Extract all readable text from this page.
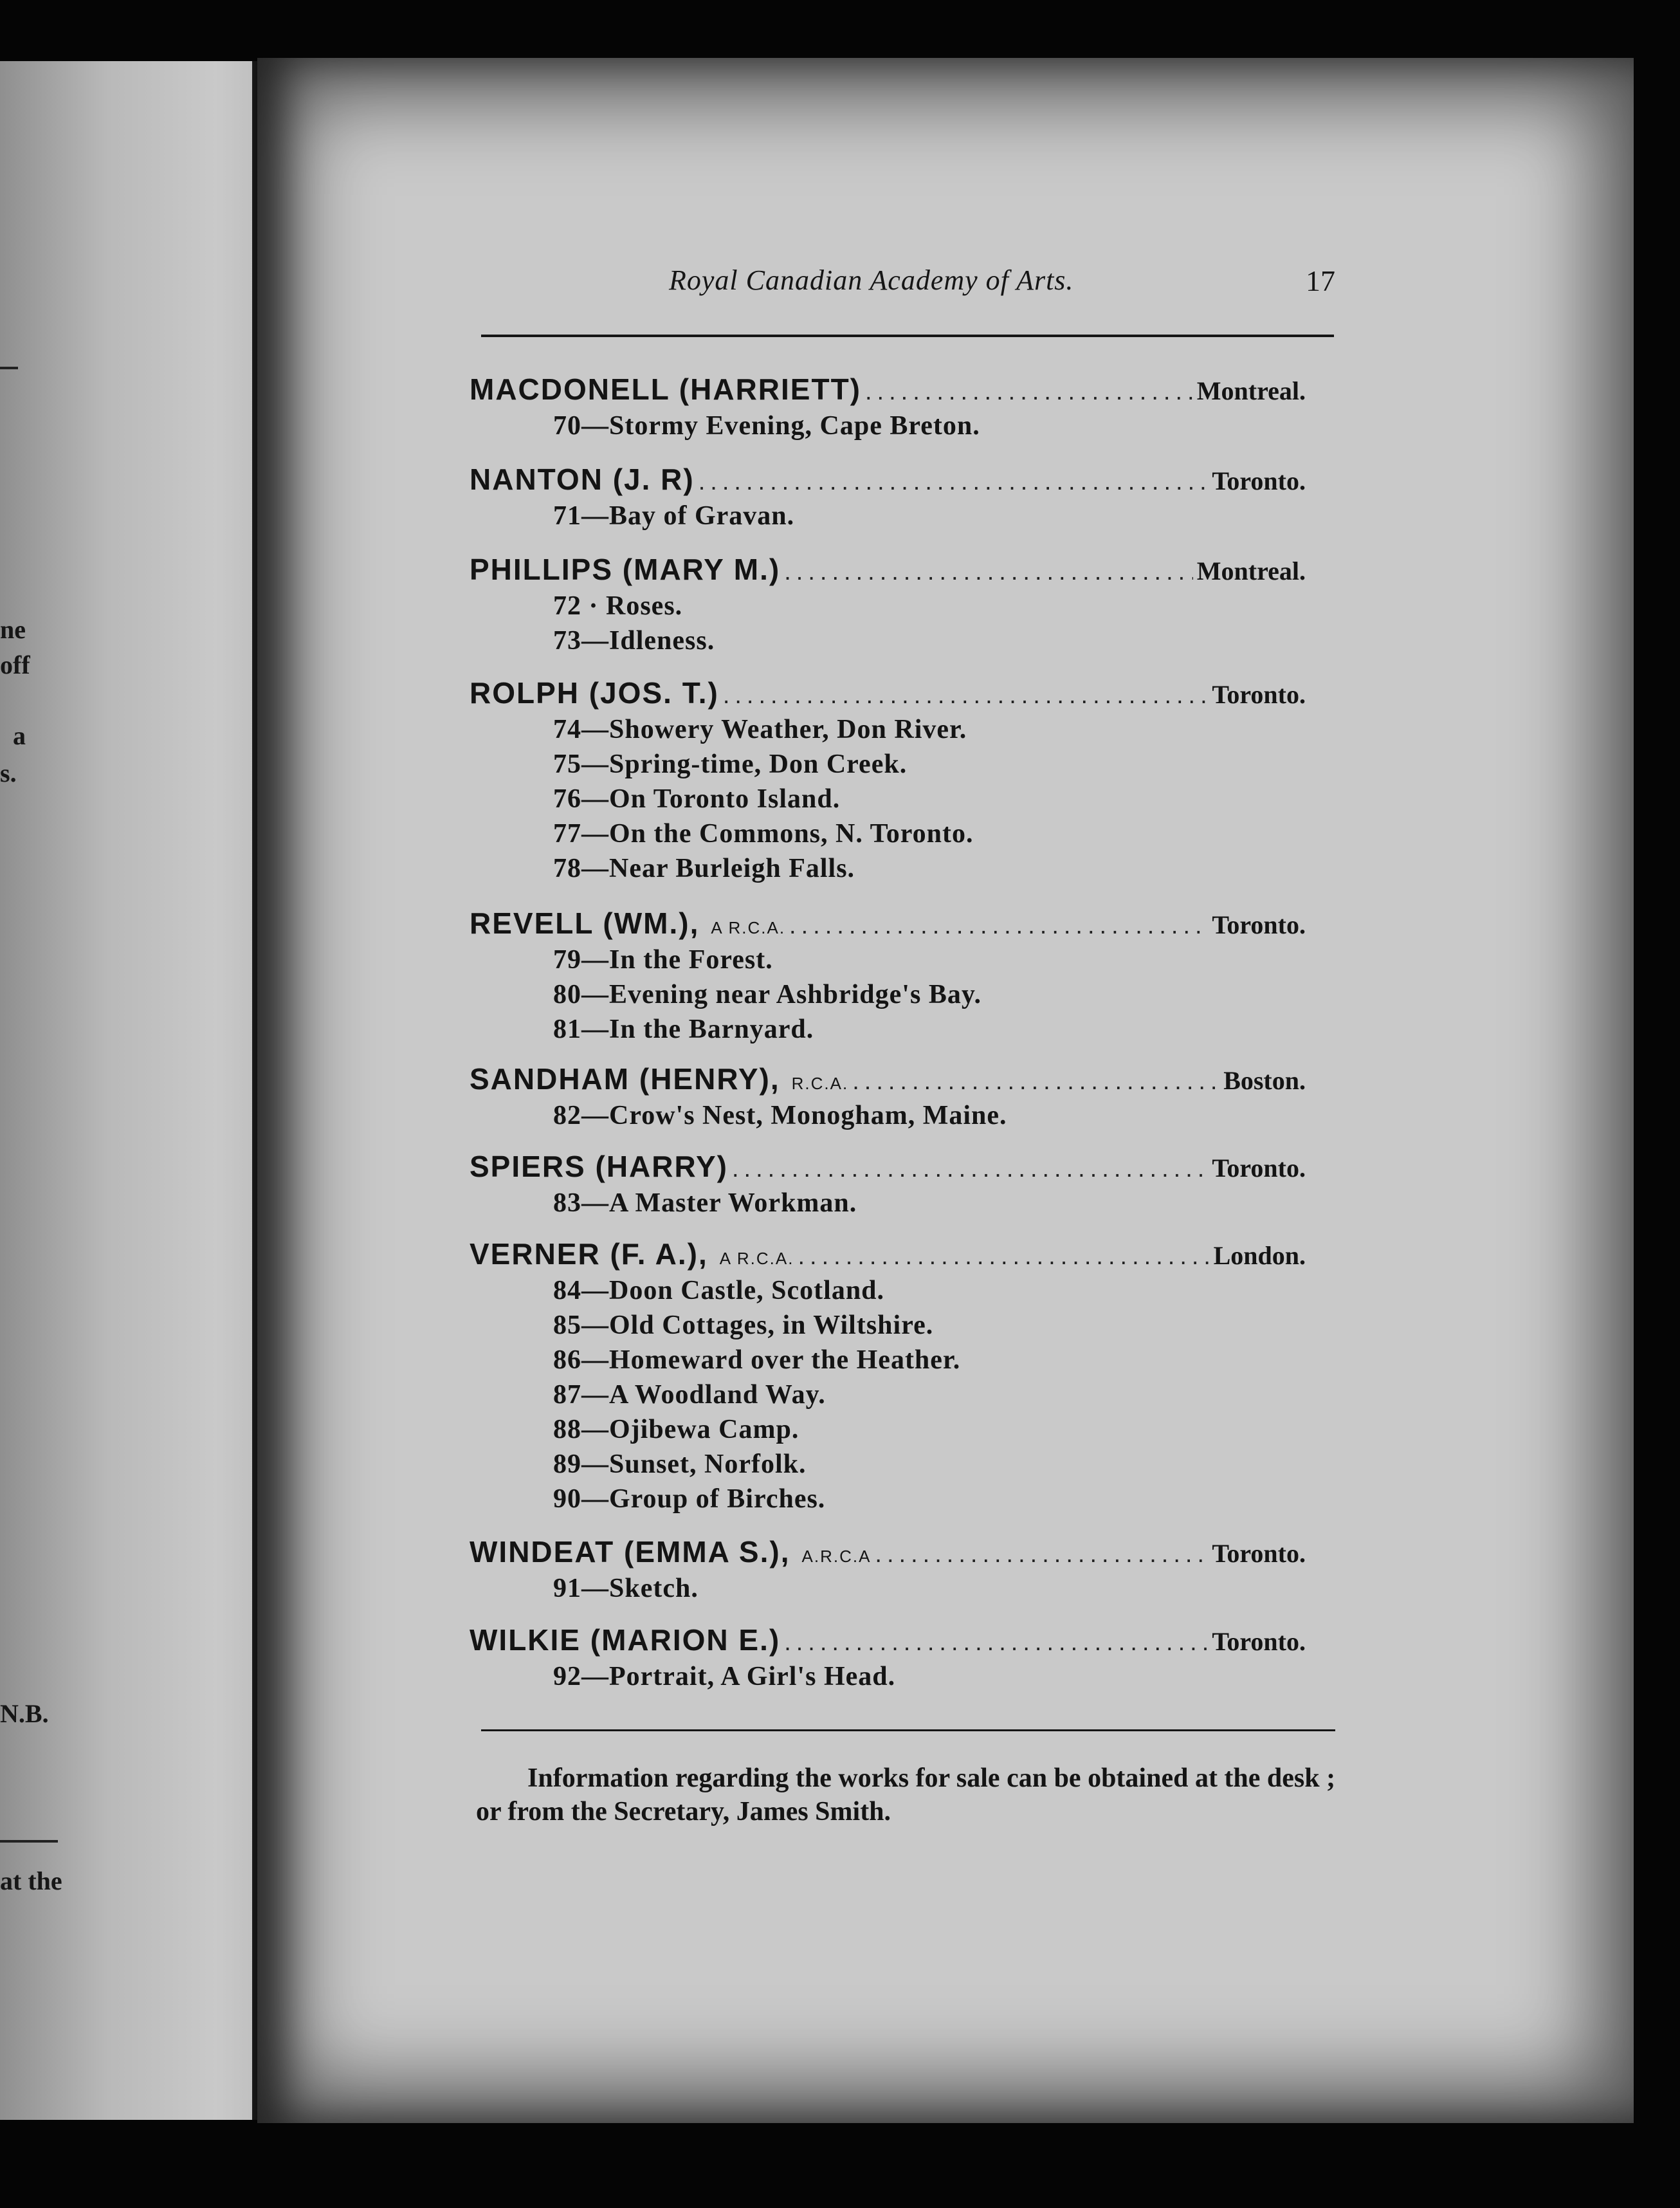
ne
off
a
s.
N.B.
at the
Royal Canadian Academy of Arts.	17
MACDONELL (HARRIETT) .....	Montreal.
70—Stormy Evening, Cape Breton.
NANTON (J. R) .....	Toronto.
71—Bay of Gravan.
PHILLIPS (MARY M.) .....	Montreal.
72 · Roses.
73—Idleness.
ROLPH (JOS. T.) .....	Toronto.
74—Showery Weather, Don River.
75—Spring-time, Don Creek.
76—On Toronto Island.
77—On the Commons, N. Toronto.
78—Near Burleigh Falls.
REVELL (WM.), A R.C.A. .....	Toronto.
79—In the Forest.
80—Evening near Ashbridge's Bay.
81—In the Barnyard.
SANDHAM (HENRY), R.C.A. .....	Boston.
82—Crow's Nest, Monogham, Maine.
SPIERS (HARRY) .....	Toronto.
83—A Master Workman.
VERNER (F. A.), A R.C.A. .....	London.
84—Doon Castle, Scotland.
85—Old Cottages, in Wiltshire.
86—Homeward over the Heather.
87—A Woodland Way.
88—Ojibewa Camp.
89—Sunset, Norfolk.
90—Group of Birches.
WINDEAT (EMMA S.), A.R.C.A .....	Toronto.
91—Sketch.
WILKIE (MARION E.) .....	Toronto.
92—Portrait, A Girl's Head.
Information regarding the works for sale can be obtained at the desk ; or from the Secretary, James Smith.
